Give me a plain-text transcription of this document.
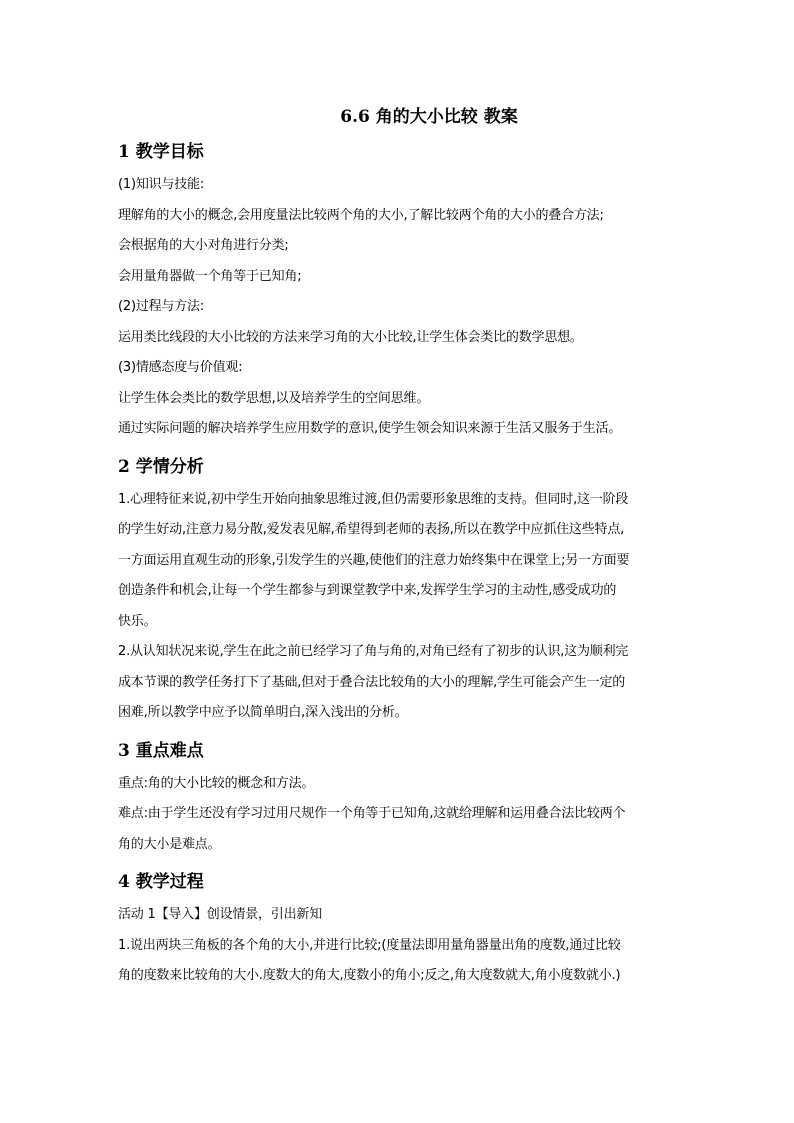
6.6 角的大小比较 教案
1 教学目标

(1)知识与技能:

理解角的大小的概念,会用度量法比较两个角的大小,了解比较两个角的大小的叠合方法;

会根据角的大小对角进行分类;

会用量角器做一个角等于已知角;

(2)过程与方法:

运用类比线段的大小比较的方法来学习角的大小比较,让学生体会类比的数学思想。

(3)情感态度与价值观:

让学生体会类比的数学思想,以及培养学生的空间思维。

通过实际问题的解决培养学生应用数学的意识,使学生领会知识来源于生活又服务于生活。

2 学情分析

1.心理特征来说,初中学生开始向抽象思维过渡,但仍需要形象思维的支持。但同时,这一阶段

的学生好动,注意力易分散,爱发表见解,希望得到老师的表扬,所以在教学中应抓住这些特点,

一方面运用直观生动的形象,引发学生的兴趣,使他们的注意力始终集中在课堂上;另一方面要

创造条件和机会,让每一个学生都参与到课堂教学中来,发挥学生学习的主动性,感受成功的

快乐。

2.从认知状况来说,学生在此之前已经学习了角与角的,对角已经有了初步的认识,这为顺利完

成本节课的教学任务打下了基础,但对于叠合法比较角的大小的理解,学生可能会产生一定的

困难,所以教学中应予以简单明白,深入浅出的分析。

3 重点难点

重点:角的大小比较的概念和方法。

难点:由于学生还没有学习过用尺规作一个角等于已知角,这就给理解和运用叠合法比较两个

角的大小是难点。

4 教学过程

活动 1【导入】创设情景，引出新知

1.说出两块三角板的各个角的大小,并进行比较;(度量法即用量角器量出角的度数,通过比较

角的度数来比较角的大小.度数大的角大,度数小的角小;反之,角大度数就大,角小度数就小.)
